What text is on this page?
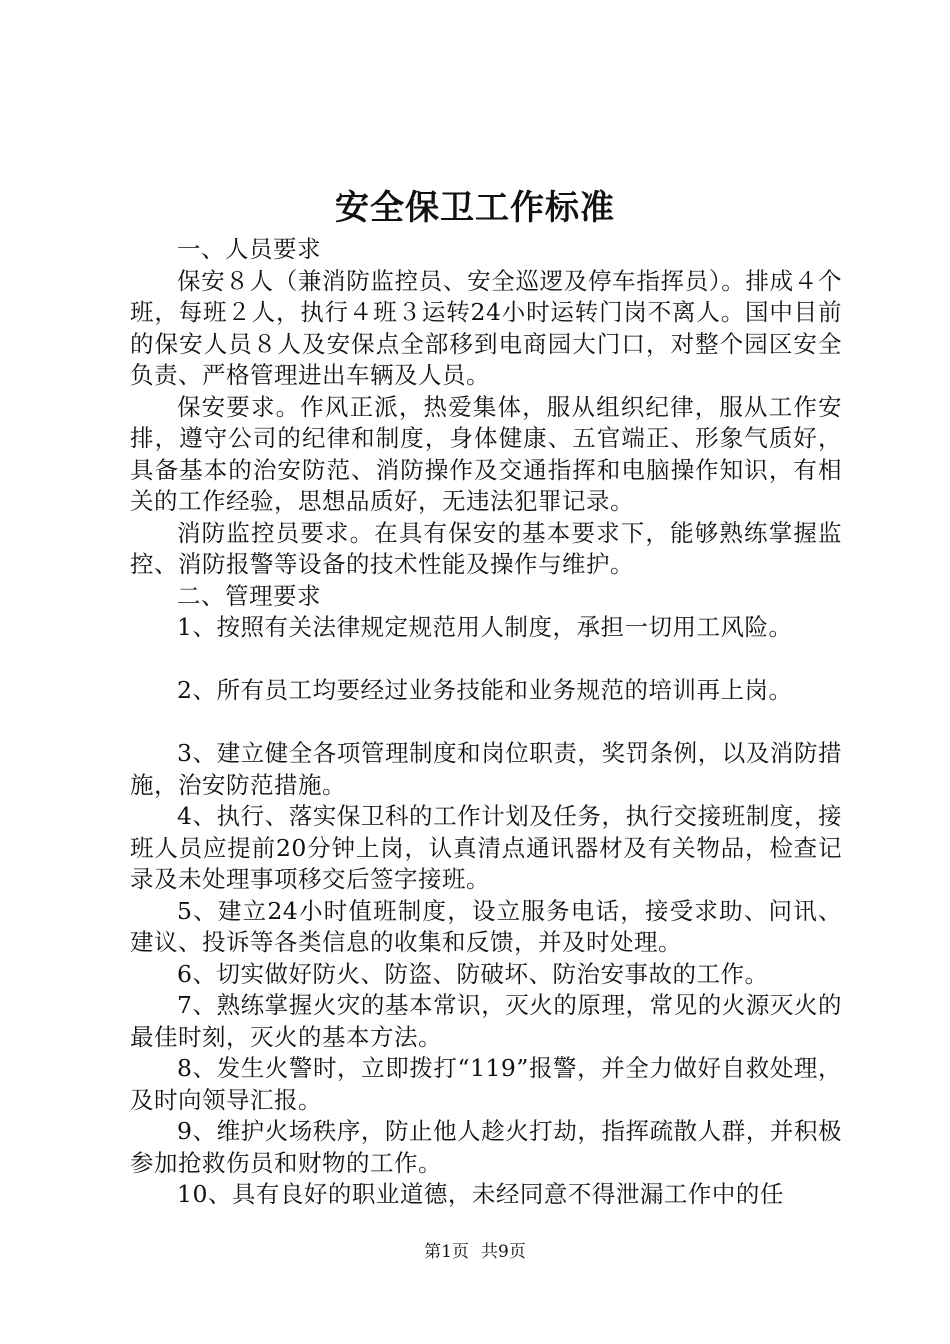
安全保卫工作标准

一、人员要求

保安８人（兼消防监控员、安全巡逻及停车指挥员）。排成４个班，每班２人，执行４班３运转24小时运转门岗不离人。国中目前的保安人员８人及安保点全部移到电商园大门口，对整个园区安全负责、严格管理进出车辆及人员。

保安要求。作风正派，热爱集体，服从组织纪律，服从工作安排，遵守公司的纪律和制度，身体健康、五官端正、形象气质好，具备基本的治安防范、消防操作及交通指挥和电脑操作知识，有相关的工作经验，思想品质好，无违法犯罪记录。

消防监控员要求。在具有保安的基本要求下，能够熟练掌握监控、消防报警等设备的技术性能及操作与维护。

二、管理要求

1、按照有关法律规定规范用人制度，承担一切用工风险。

2、所有员工均要经过业务技能和业务规范的培训再上岗。

3、建立健全各项管理制度和岗位职责，奖罚条例，以及消防措施，治安防范措施。

4、执行、落实保卫科的工作计划及任务，执行交接班制度，接班人员应提前20分钟上岗，认真清点通讯器材及有关物品，检查记录及未处理事项移交后签字接班。

5、建立24小时值班制度，设立服务电话，接受求助、问讯、建议、投诉等各类信息的收集和反馈，并及时处理。

6、切实做好防火、防盗、防破坏、防治安事故的工作。

7、熟练掌握火灾的基本常识，灭火的原理，常见的火源灭火的最佳时刻，灭火的基本方法。

8、发生火警时，立即拨打“119”报警，并全力做好自救处理，及时向领导汇报。

9、维护火场秩序，防止他人趁火打劫，指挥疏散人群，并积极参加抢救伤员和财物的工作。

10、具有良好的职业道德，未经同意不得泄漏工作中的任

第1页 共9页
